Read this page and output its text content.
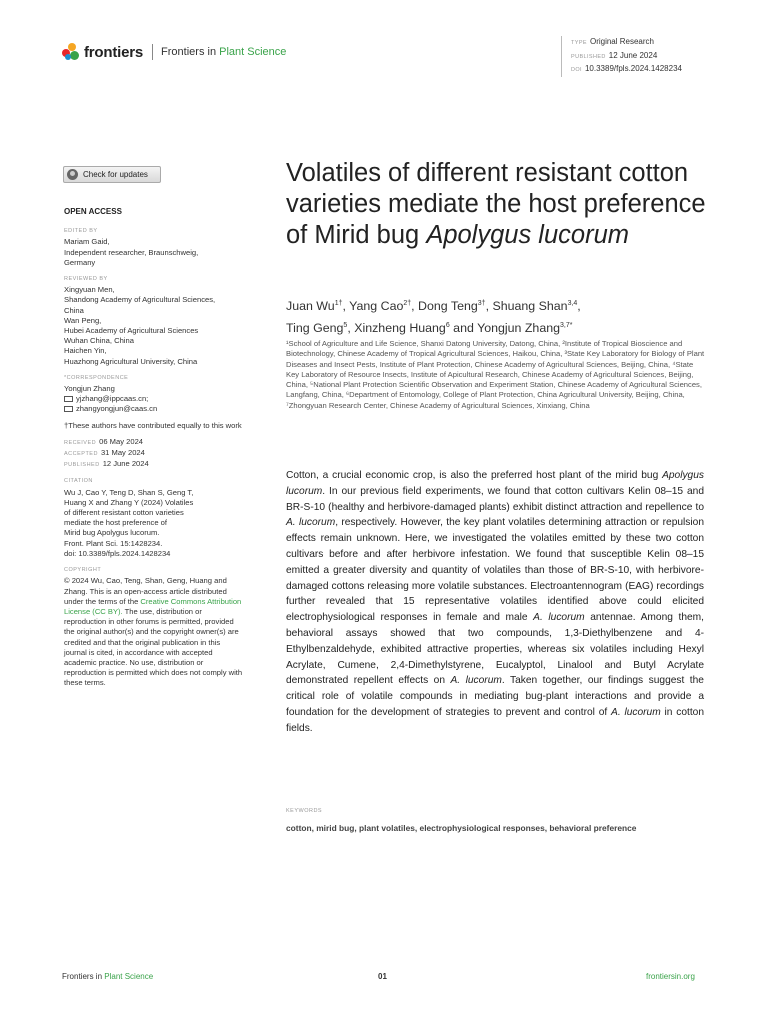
frontiers Frontiers in Plant Science
TYPE Original Research
PUBLISHED 12 June 2024
DOI 10.3389/fpls.2024.1428234
Check for updates
OPEN ACCESS
EDITED BY

Mariam Gaid,

Independent researcher, Braunschweig,

Germany

REVIEWED BY

Xingyuan Men,

Shandong Academy of Agricultural Sciences,

China

Wan Peng,

Hubei Academy of Agricultural Sciences

Wuhan China, China

Haichen Yin,

Huazhong Agricultural University, China

*CORRESPONDENCE

Yongjun Zhang

yjzhang@ippcaas.cn;

zhangyongjun@caas.cn

†These authors have contributed equally to this work

RECEIVED 06 May 2024
ACCEPTED 31 May 2024
PUBLISHED 12 June 2024
CITATION

Wu J, Cao Y, Teng D, Shan S, Geng T,

Huang X and Zhang Y (2024) Volatiles

of different resistant cotton varieties

mediate the host preference of

Mirid bug Apolygus lucorum.

Front. Plant Sci. 15:1428234.

doi: 10.3389/fpls.2024.1428234

COPYRIGHT

© 2024 Wu, Cao, Teng, Shan, Geng, Huang and Zhang. This is an open-access article distributed under the terms of the Creative Commons Attribution License (CC BY). The use, distribution or reproduction in other forums is permitted, provided the original author(s) and the copyright owner(s) are credited and that the original publication in this journal is cited, in accordance with accepted academic practice. No use, distribution or reproduction is permitted which does not comply with these terms.

Volatiles of different resistant cotton varieties mediate the host preference of Mirid bug Apolygus lucorum
Juan $Wu^{1\dagger}$, Yang Cao$^{2\dagger}$, Dong Teng$^{3\dagger}$, Shuang Shan$^{3,4}$,
Ting Geng$^5$, Xinzheng Huang$^6$ and Yongjun Zhang$^{3,7*}$
¹School of Agriculture and Life Science, Shanxi Datong University, Datong, China, ²Institute of Tropical Bioscience and Biotechnology, Chinese Academy of Tropical Agricultural Sciences, Haikou, China, ³State Key Laboratory for Biology of Plant Diseases and Insect Pests, Institute of Plant Protection, Chinese Academy of Agricultural Sciences, Beijing, China, ⁴State Key Laboratory of Resource Insects, Institute of Apicultural Research, Chinese Academy of Agricultural Sciences, Beijing, China, ⁵National Plant Protection Scientific Observation and Experiment Station, Chinese Academy of Agricultural Sciences, Langfang, China, ⁶Department of Entomology, College of Plant Protection, China Agricultural University, Beijing, China, ⁷Zhongyuan Research Center, Chinese Academy of Agricultural Sciences, Xinxiang, China
Cotton, a crucial economic crop, is also the preferred host plant of the mirid bug Apolygus lucorum. In our previous field experiments, we found that cotton cultivars Kelin 08–15 and BR-S-10 (healthy and herbivore-damaged plants) exhibit distinct attraction and repellence to A. lucorum, respectively. However, the key plant volatiles determining attraction or repulsion effects remain unknown. Here, we investigated the volatiles emitted by these two cotton cultivars before and after herbivore infestation. We found that susceptible Kelin 08–15 emitted a greater diversity and quantity of volatiles than those of BR-S-10, with herbivore-damaged cottons releasing more volatile substances. Electroantennogram (EAG) recordings further revealed that 15 representative volatiles identified above could elicited electrophysiological responses in female and male A. lucorum antennae. Among them, behavioral assays showed that two compounds, 1,3-Diethylbenzene and 4-Ethylbenzaldehyde, exhibited attractive properties, whereas six volatiles including Hexyl Acrylate, Cumene, 2,4-Dimethylstyrene, Eucalyptol, Linalool and Butyl Acrylate demonstrated repellent effects on A. lucorum. Taken together, our findings suggest the critical role of volatile compounds in mediating bug-plant interactions and provide a foundation for the development of strategies to prevent and control of A. lucorum in cotton fields.
KEYWORDS
cotton, mirid bug, plant volatiles, electrophysiological responses, behavioral preference
Frontiers in Plant Science	01	frontiersin.org
